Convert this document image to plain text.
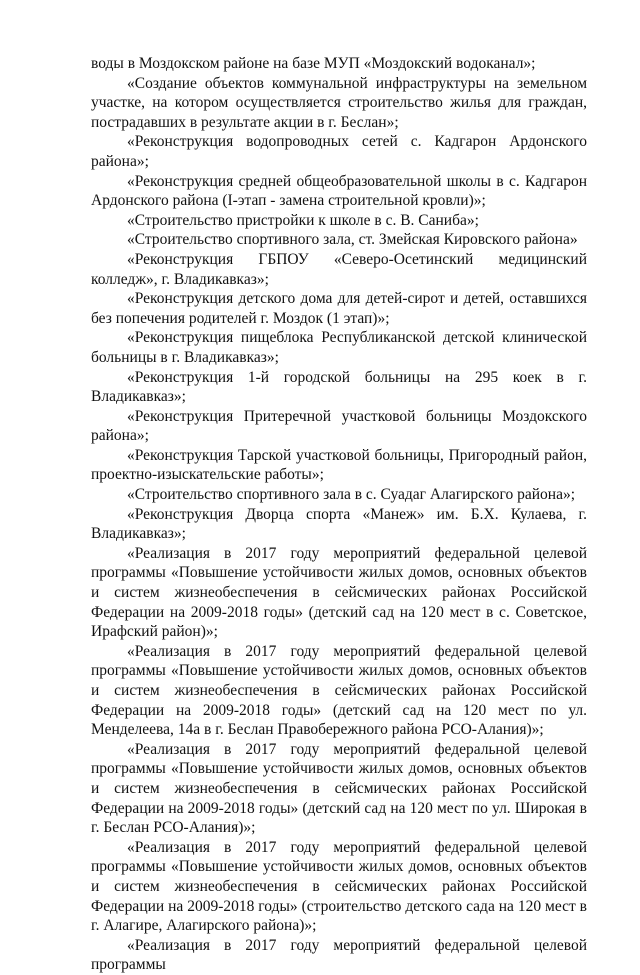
воды в Моздокском районе на базе МУП «Моздокский водоканал»;

«Создание объектов коммунальной инфраструктуры на земельном участке, на котором осуществляется строительство жилья для граждан, пострадавших в результате акции в г. Беслан»;

«Реконструкция водопроводных сетей с. Кадгарон Ардонского района»;

«Реконструкция средней общеобразовательной школы в с. Кадгарон Ардонского района (I-этап - замена строительной кровли)»;

«Строительство пристройки к школе в с. В. Саниба»;

«Строительство спортивного зала, ст. Змейская Кировского района»

«Реконструкция ГБПОУ «Северо-Осетинский медицинский колледж», г. Владикавказ»;

«Реконструкция детского дома для детей-сирот и детей, оставшихся без попечения родителей г. Моздок (1 этап)»;

«Реконструкция пищеблока Республиканской детской клинической больницы в г. Владикавказ»;

«Реконструкция 1-й городской больницы на 295 коек в г. Владикавказ»;

«Реконструкция Притеречной участковой больницы Моздокского района»;

«Реконструкция Тарской участковой больницы, Пригородный район, проектно-изыскательские работы»;

«Строительство спортивного зала в с. Суадаг Алагирского района»;

«Реконструкция Дворца спорта «Манеж» им. Б.Х. Кулаева, г. Владикавказ»;

«Реализация в 2017 году мероприятий федеральной целевой программы «Повышение устойчивости жилых домов, основных объектов и систем жизнеобеспечения в сейсмических районах Российской Федерации на 2009-2018 годы» (детский сад на 120 мест в с. Советское, Ирафский район)»;

«Реализация в 2017 году мероприятий федеральной целевой программы «Повышение устойчивости жилых домов, основных объектов и систем жизнеобеспечения в сейсмических районах Российской Федерации на 2009-2018 годы» (детский сад на 120 мест по ул. Менделеева, 14а в г. Беслан Правобережного района РСО-Алания)»;

«Реализация в 2017 году мероприятий федеральной целевой программы «Повышение устойчивости жилых домов, основных объектов и систем жизнеобеспечения в сейсмических районах Российской Федерации на 2009-2018 годы» (детский сад на 120 мест по ул. Широкая в г. Беслан РСО-Алания)»;

«Реализация в 2017 году мероприятий федеральной целевой программы «Повышение устойчивости жилых домов, основных объектов и систем жизнеобеспечения в сейсмических районах Российской Федерации на 2009-2018 годы» (строительство детского сада на 120 мест в г. Алагире, Алагирского района)»;

«Реализация в 2017 году мероприятий федеральной целевой программы
